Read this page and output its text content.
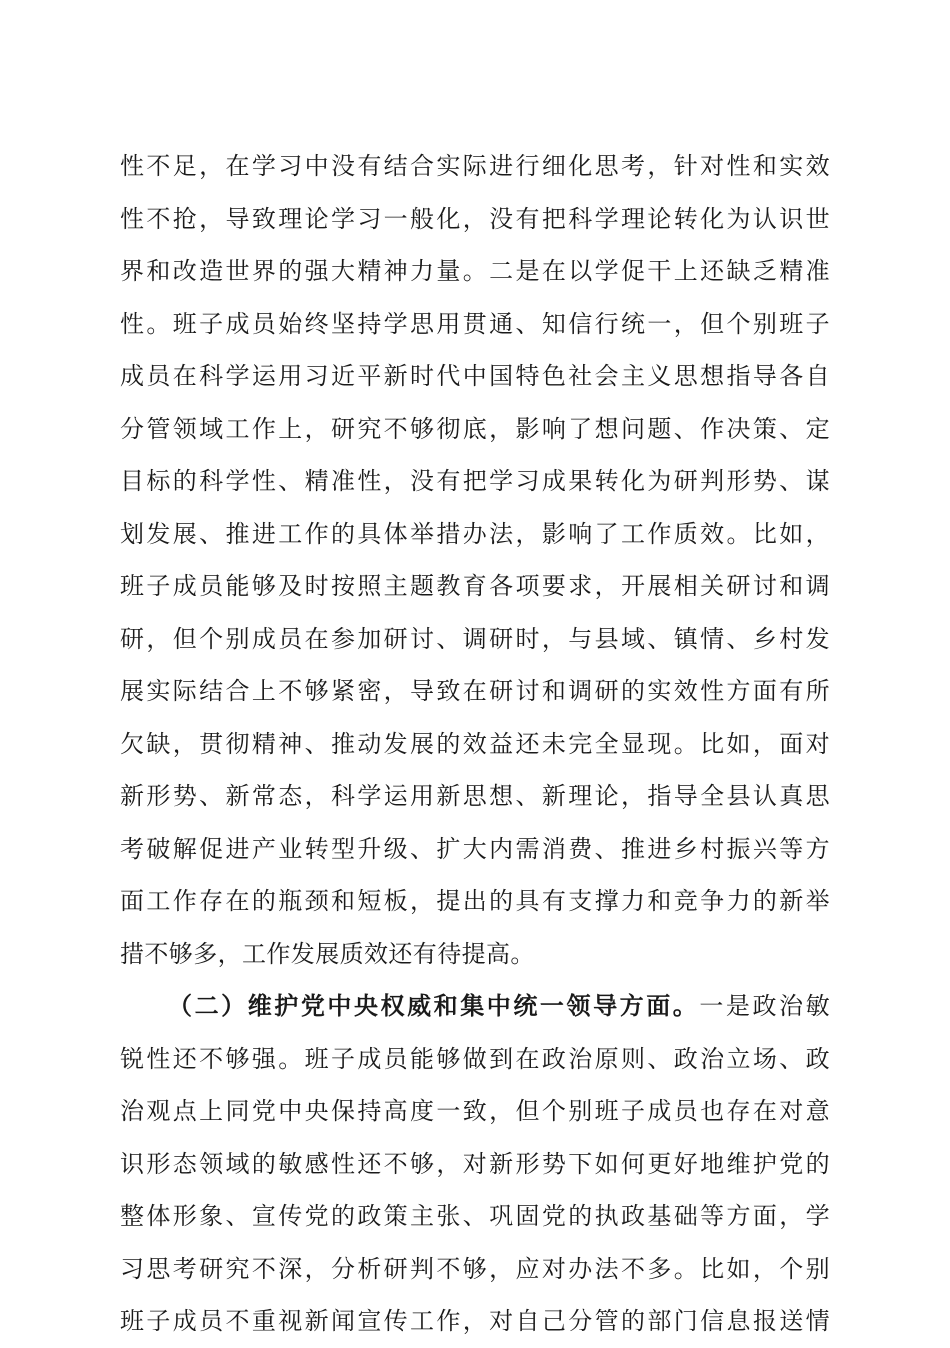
性不足，在学习中没有结合实际进行细化思考，针对性和实效
性不抢，导致理论学习一般化，没有把科学理论转化为认识世
界和改造世界的强大精神力量。二是在以学促干上还缺乏精准
性。班子成员始终坚持学思用贯通、知信行统一，但个别班子
成员在科学运用习近平新时代中国特色社会主义思想指导各自
分管领域工作上，研究不够彻底，影响了想问题、作决策、定
目标的科学性、精准性，没有把学习成果转化为研判形势、谋
划发展、推进工作的具体举措办法，影响了工作质效。比如，
班子成员能够及时按照主题教育各项要求，开展相关研讨和调
研，但个别成员在参加研讨、调研时，与县域、镇情、乡村发
展实际结合上不够紧密，导致在研讨和调研的实效性方面有所
欠缺，贯彻精神、推动发展的效益还未完全显现。比如，面对
新形势、新常态，科学运用新思想、新理论，指导全县认真思
考破解促进产业转型升级、扩大内需消费、推进乡村振兴等方
面工作存在的瓶颈和短板，提出的具有支撑力和竞争力的新举
措不够多，工作发展质效还有待提高。
（二）维护党中央权威和集中统一领导方面。一是政治敏
锐性还不够强。班子成员能够做到在政治原则、政治立场、政
治观点上同党中央保持高度一致，但个别班子成员也存在对意
识形态领域的敏感性还不够，对新形势下如何更好地维护党的
整体形象、宣传党的政策主张、巩固党的执政基础等方面，学
习思考研究不深，分析研判不够，应对办法不多。比如，个别
班子成员不重视新闻宣传工作，对自己分管的部门信息报送情
